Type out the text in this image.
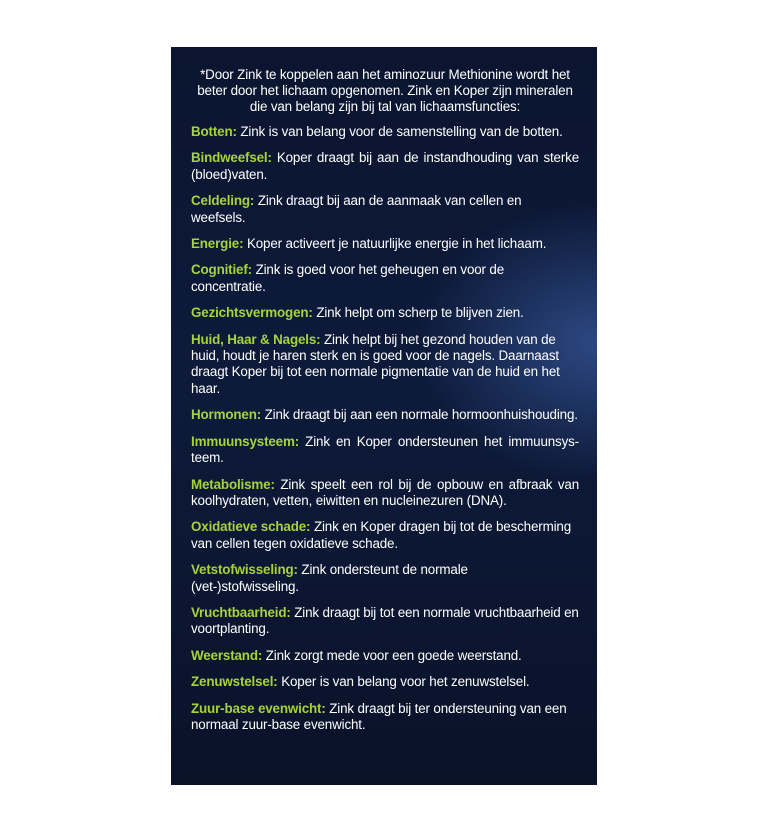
*Door Zink te koppelen aan het aminozuur Methionine wordt het
beter door het lichaam opgenomen. Zink en Koper zijn mineralen
die van belang zijn bij tal van lichaamsfuncties:

Botten: Zink is van belang voor de samenstelling van de botten.
Bindweefsel: Koper draagt bij aan de instandhouding van sterke (bloed)vaten.
Celdeling: Zink draagt bij aan de aanmaak van cellen en weefsels.
Energie: Koper activeert je natuurlijke energie in het lichaam.
Cognitief: Zink is goed voor het geheugen en voor de concentratie.
Gezichtsvermogen: Zink helpt om scherp te blijven zien.
Huid, Haar & Nagels: Zink helpt bij het gezond houden van de huid, houdt je haren sterk en is goed voor de nagels. Daarnaast draagt Koper bij tot een normale pigmentatie van de huid en het haar.
Hormonen: Zink draagt bij aan een normale hormoonhuishouding.
Immuunsysteem: Zink en Koper ondersteunen het immuunsys-teem.
Metabolisme: Zink speelt een rol bij de opbouw en afbraak van koolhydraten, vetten, eiwitten en nucleinezuren (DNA).
Oxidatieve schade: Zink en Koper dragen bij tot de bescherming van cellen tegen oxidatieve schade.
Vetstofwisseling: Zink ondersteunt de normale (vet-)stofwisseling.
Vruchtbaarheid: Zink draagt bij tot een normale vruchtbaarheid en voortplanting.
Weerstand: Zink zorgt mede voor een goede weerstand.
Zenuwstelsel: Koper is van belang voor het zenuwstelsel.
Zuur-base evenwicht: Zink draagt bij ter ondersteuning van een normaal zuur-base evenwicht.
